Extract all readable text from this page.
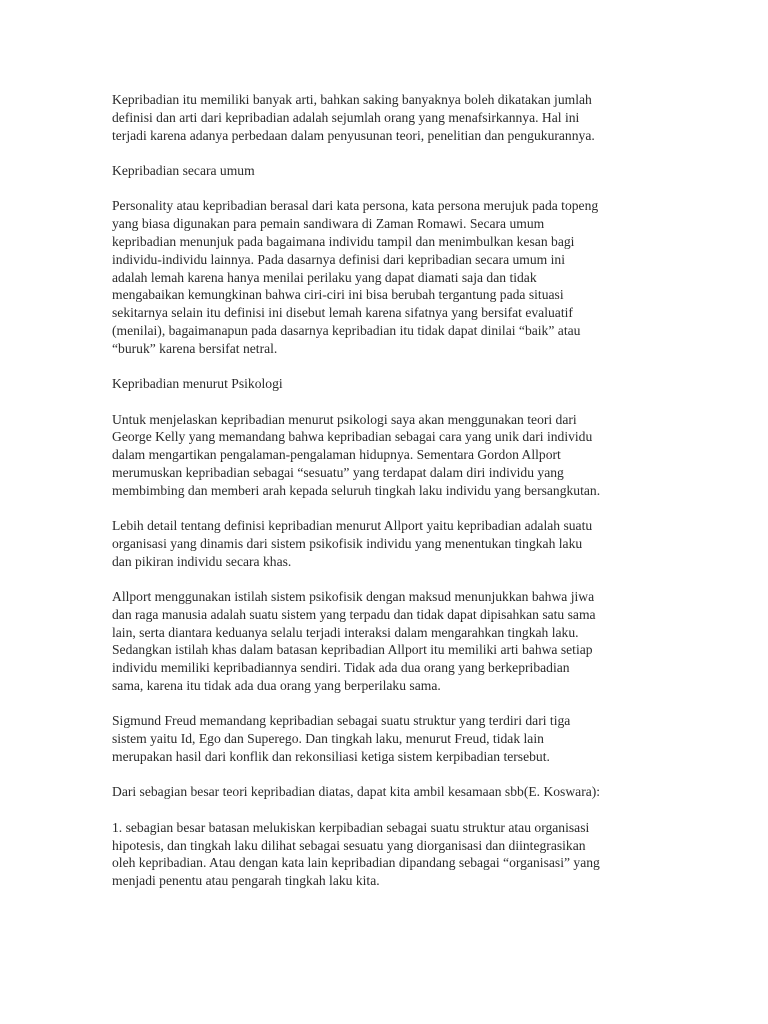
Kepribadian itu memiliki banyak arti, bahkan saking banyaknya boleh dikatakan jumlah
definisi dan arti dari kepribadian adalah sejumlah orang yang menafsirkannya. Hal ini
terjadi karena adanya perbedaan dalam penyusunan teori, penelitian dan pengukurannya.

Kepribadian secara umum

Personality atau kepribadian berasal dari kata persona, kata persona merujuk pada topeng
yang biasa digunakan para pemain sandiwara di Zaman Romawi. Secara umum
kepribadian menunjuk pada bagaimana individu tampil dan menimbulkan kesan bagi
individu-individu lainnya. Pada dasarnya definisi dari kepribadian secara umum ini
adalah lemah karena hanya menilai perilaku yang dapat diamati saja dan tidak
mengabaikan kemungkinan bahwa ciri-ciri ini bisa berubah tergantung pada situasi
sekitarnya selain itu definisi ini disebut lemah karena sifatnya yang bersifat evaluatif
(menilai), bagaimanapun pada dasarnya kepribadian itu tidak dapat dinilai “baik” atau
“buruk” karena bersifat netral.

Kepribadian menurut Psikologi

Untuk menjelaskan kepribadian menurut psikologi saya akan menggunakan teori dari
George Kelly yang memandang bahwa kepribadian sebagai cara yang unik dari individu
dalam mengartikan pengalaman-pengalaman hidupnya. Sementara Gordon Allport
merumuskan kepribadian sebagai “sesuatu” yang terdapat dalam diri individu yang
membimbing dan memberi arah kepada seluruh tingkah laku individu yang bersangkutan.

Lebih detail tentang definisi kepribadian menurut Allport yaitu kepribadian adalah suatu
organisasi yang dinamis dari sistem psikofisik individu yang menentukan tingkah laku
dan pikiran individu secara khas.

Allport menggunakan istilah sistem psikofisik dengan maksud menunjukkan bahwa jiwa
dan raga manusia adalah suatu sistem yang terpadu dan tidak dapat dipisahkan satu sama
lain, serta diantara keduanya selalu terjadi interaksi dalam mengarahkan tingkah laku.
Sedangkan istilah khas dalam batasan kepribadian Allport itu memiliki arti bahwa setiap
individu memiliki kepribadiannya sendiri. Tidak ada dua orang yang berkepribadian
sama, karena itu tidak ada dua orang yang berperilaku sama.

Sigmund Freud memandang kepribadian sebagai suatu struktur yang terdiri dari tiga
sistem yaitu Id, Ego dan Superego. Dan tingkah laku, menurut Freud, tidak lain
merupakan hasil dari konflik dan rekonsiliasi ketiga sistem kerpibadian tersebut.

Dari sebagian besar teori kepribadian diatas, dapat kita ambil kesamaan sbb(E. Koswara):

1. sebagian besar batasan melukiskan kerpibadian sebagai suatu struktur atau organisasi
hipotesis, dan tingkah laku dilihat sebagai sesuatu yang diorganisasi dan diintegrasikan
oleh kepribadian. Atau dengan kata lain kepribadian dipandang sebagai “organisasi” yang
menjadi penentu atau pengarah tingkah laku kita.
